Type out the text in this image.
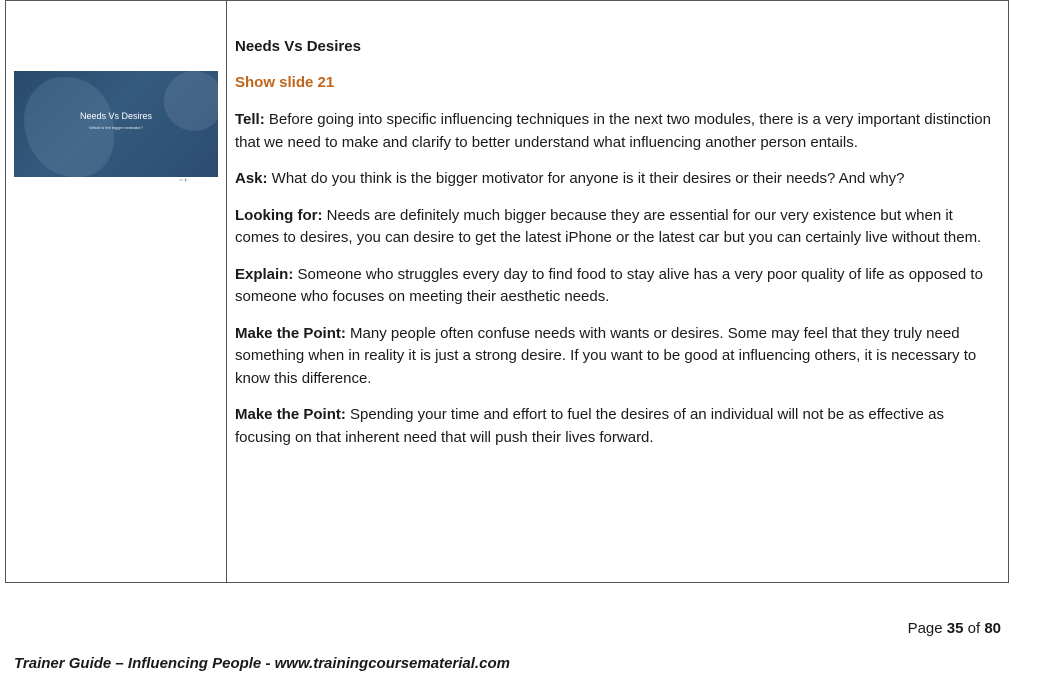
Needs Vs Desires
Which is the bigger motivator?
▪▪▪ ▮ ▫
Needs Vs Desires
Show slide 21

Tell: Before going into specific influencing techniques in the next two modules, there is a very important distinction that we need to make and clarify to better understand what influencing another person entails.

Ask: What do you think is the bigger motivator for anyone is it their desires or their needs? And why?

Looking for: Needs are definitely much bigger because they are essential for our very existence but when it comes to desires, you can desire to get the latest iPhone or the latest car but you can certainly live without them.

Explain: Someone who struggles every day to find food to stay alive has a very poor quality of life as opposed to someone who focuses on meeting their aesthetic needs.

Make the Point: Many people often confuse needs with wants or desires. Some may feel that they truly need something when in reality it is just a strong desire. If you want to be good at influencing others, it is necessary to know this difference.

Make the Point: Spending your time and effort to fuel the desires of an individual will not be as effective as focusing on that inherent need that will push their lives forward.

Page 35 of 80
Trainer Guide – Influencing People - www.trainingcoursematerial.com
